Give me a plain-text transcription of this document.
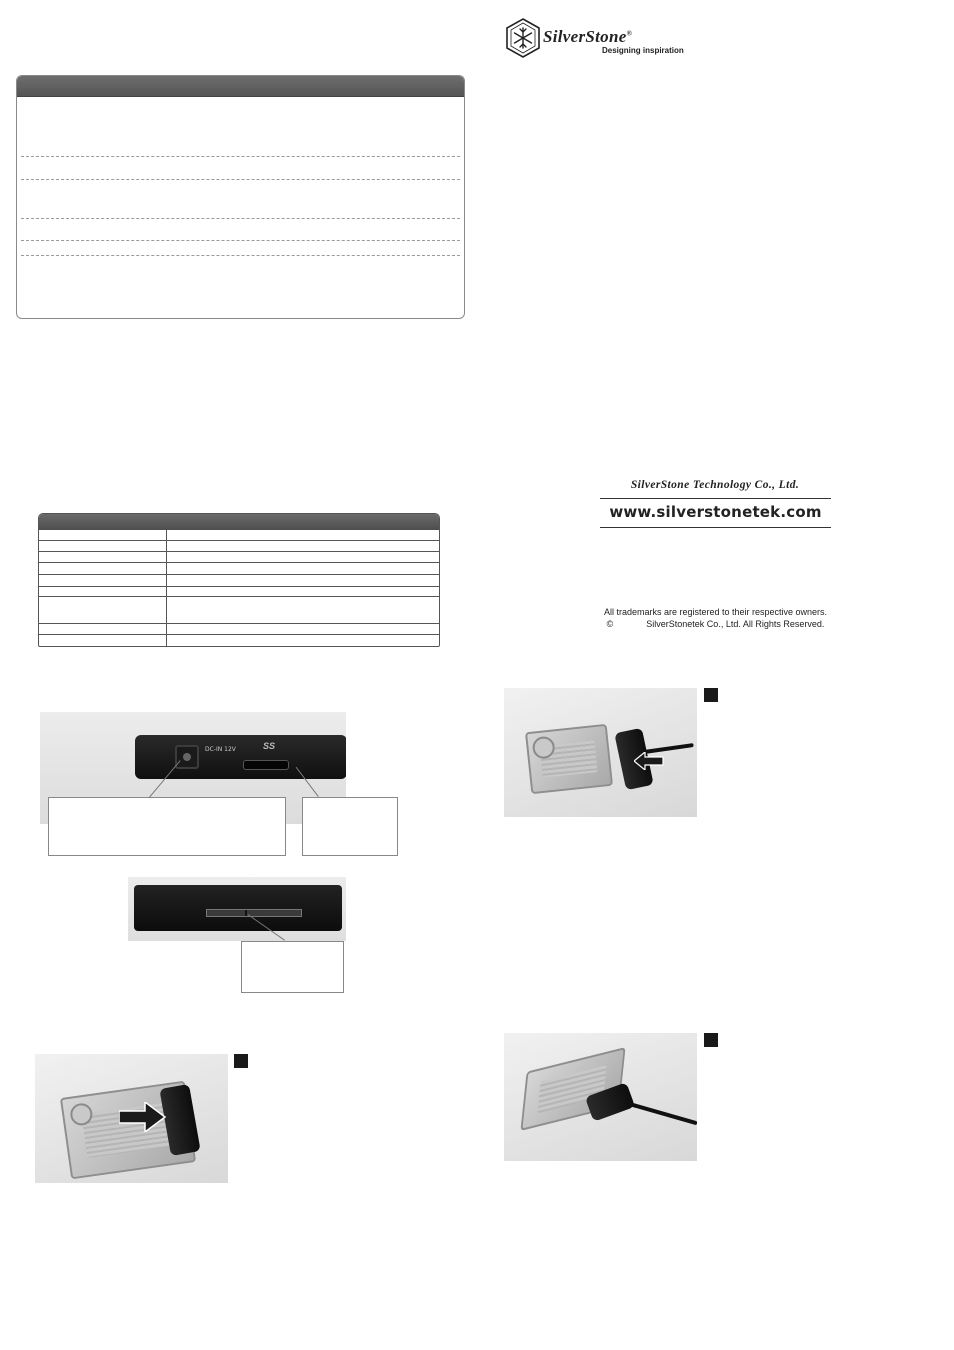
DC-IN 12V	SS
SilverStone®
Designing inspiration
SilverStone Technology Co., Ltd.
www.silverstonetek.com
All trademarks are registered to their respective owners.
©	SilverStonetek Co., Ltd. All Rights Reserved.
